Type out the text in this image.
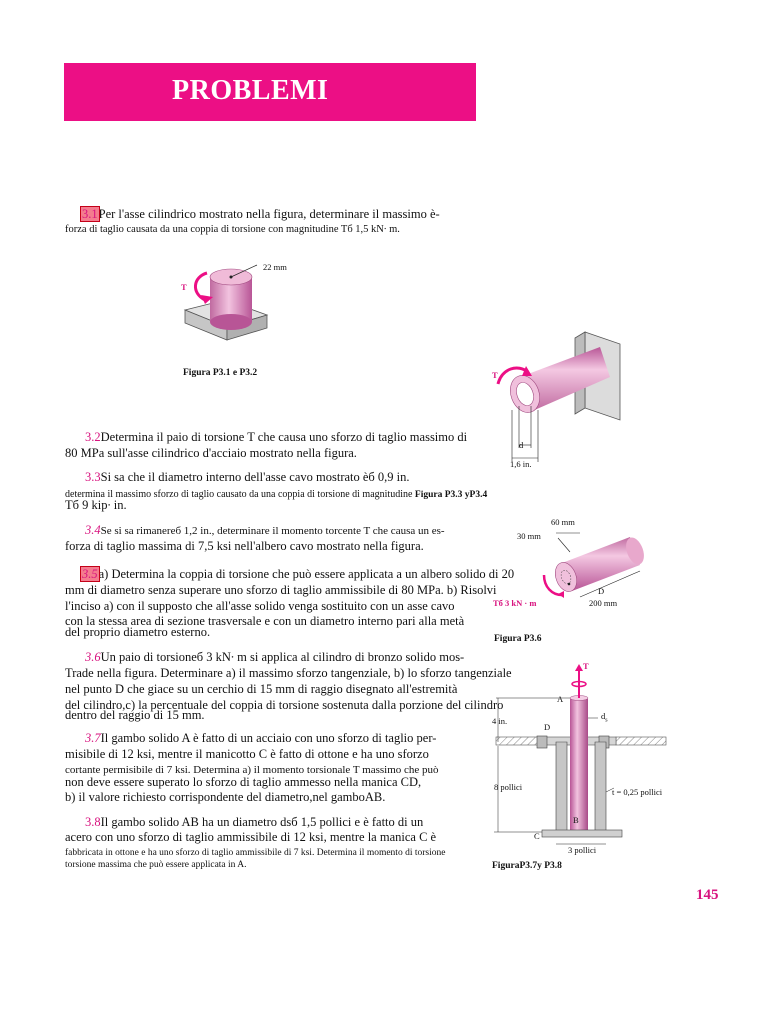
PROBLEMI
3.1Per l'asse cilindrico mostrato nella figura, determinare il massimo è-
forza di taglio causata da una coppia di torsione con magnitudine Tб 1,5 kN∙ m.
22 mm
T
Figura P3.1 e P3.2	T
d
1,6 in.
3.2Determina il paio di torsione T che causa uno sforzo di taglio massimo di
80 MPa sull'asse cilindrico d'acciaio mostrato nella figura.
3.3Si sa che il diametro interno dell'asse cavo mostrato èб 0,9 in.
determina il massimo sforzo di taglio causato da una coppia di torsione di magnitudine Figura P3.3 yP3.4
Tб 9 kip∙ in.
3.4Se si sa rimanereб 1,2 in., determinare il momento torcente T che causa un es-
forza di taglio massima di 7,5 ksi nell'albero cavo mostrato nella figura.
60 mm
30 mm
D
200 mm
Tб 3 kN · m
Figura P3.6
3.5a) Determina la coppia di torsione che può essere applicata a un albero solido di 20
mm di diametro senza superare uno sforzo di taglio ammissibile di 80 MPa. b) Risolvi
l'inciso a) con il supposto che all'asse solido venga sostituito con un asse cavo
con la stessa area di sezione trasversale e con un diametro interno pari alla metà
del proprio diametro esterno.
3.6Un paio di torsioneб 3 kN∙ m si applica al cilindro di bronzo solido mos-
Trade nella figura. Determinare a) il massimo sforzo tangenziale, b) lo sforzo tangenziale
nel punto D che giace su un cerchio di 15 mm di raggio disegnato all'estremità
del cilindro,c) la percentuale del coppia di torsione sostenuta dalla porzione del cilindro
dentro del raggio di 15 mm.
T
A
D
$d_s$
4 in.
8 pollici	t = 0,25 pollici
B
C
3 pollici
FiguraP3.7y P3.8
3.7Il gambo solido A è fatto di un acciaio con uno sforzo di taglio per-
misibile di 12 ksi, mentre il manicotto C è fatto di ottone e ha uno sforzo
cortante permisibile di 7 ksi. Determina a) il momento torsionale T massimo che può
non deve essere superato lo sforzo di taglio ammesso nella manica CD,
b) il valore richiesto corrispondente del diametro,nel gamboAB.
3.8Il gambo solido AB ha un diametro dѕб 1,5 pollici e è fatto di un
acero con uno sforzo di taglio ammissibile di 12 ksi, mentre la manica C è
fabbricata in ottone e ha uno sforzo di taglio ammissibile di 7 ksi. Determina il momento di torsione
torsione massima che può essere applicata in A.
145
